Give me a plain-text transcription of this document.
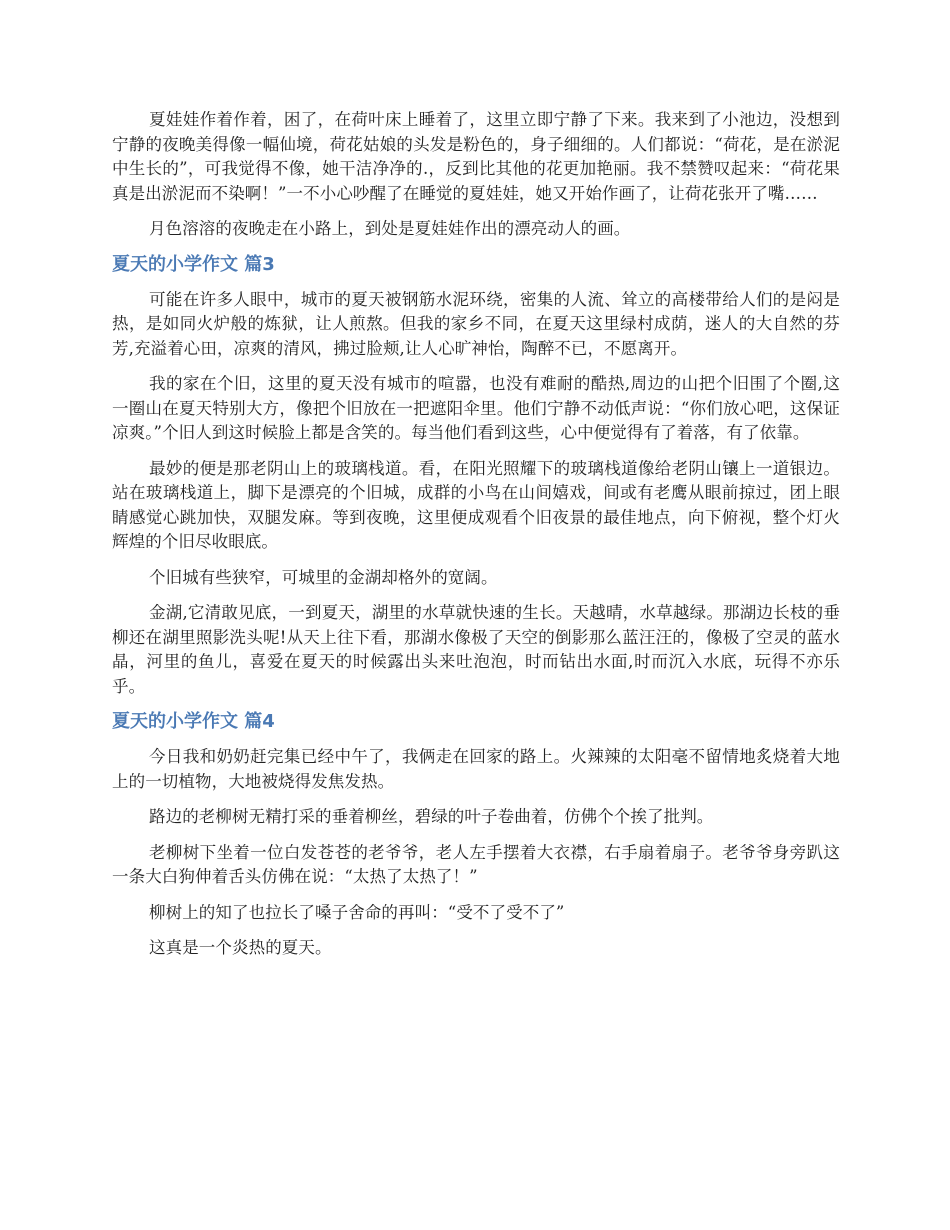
夏娃娃作着作着，困了，在荷叶床上睡着了，这里立即宁静了下来。我来到了小池边，没想到宁静的夜晚美得像一幅仙境，荷花姑娘的头发是粉色的，身子细细的。人们都说：“荷花，是在淤泥中生长的”，可我觉得不像，她干洁净净的.，反到比其他的花更加艳丽。我不禁赞叹起来：“荷花果真是出淤泥而不染啊！”一不小心吵醒了在睡觉的夏娃娃，她又开始作画了，让荷花张开了嘴……

月色溶溶的夜晚走在小路上，到处是夏娃娃作出的漂亮动人的画。

夏天的小学作文 篇3

可能在许多人眼中，城市的夏天被钢筋水泥环绕，密集的人流、耸立的高楼带给人们的是闷是热，是如同火炉般的炼狱，让人煎熬。但我的家乡不同，在夏天这里绿村成荫，迷人的大自然的芬芳,充溢着心田，凉爽的清风，拂过脸颊,让人心旷神怡，陶醉不已，不愿离开。

我的家在个旧，这里的夏天没有城市的喧嚣，也没有难耐的酷热,周边的山把个旧围了个圈,这一圈山在夏天特别大方，像把个旧放在一把遮阳伞里。他们宁静不动低声说：“你们放心吧，这保证凉爽。”个旧人到这时候脸上都是含笑的。每当他们看到这些，心中便觉得有了着落，有了依靠。

最妙的便是那老阴山上的玻璃栈道。看，在阳光照耀下的玻璃栈道像给老阴山镶上一道银边。站在玻璃栈道上，脚下是漂亮的个旧城，成群的小鸟在山间嬉戏，间或有老鹰从眼前掠过，团上眼睛感觉心跳加快，双腿发麻。等到夜晚，这里便成观看个旧夜景的最佳地点，向下俯视，整个灯火辉煌的个旧尽收眼底。

个旧城有些狭窄，可城里的金湖却格外的宽阔。

金湖,它清敢见底，一到夏天，湖里的水草就快速的生长。天越晴，水草越绿。那湖边长枝的垂柳还在湖里照影洗头呢!从天上往下看，那湖水像极了天空的倒影那么蓝汪汪的，像极了空灵的蓝水晶，河里的鱼儿，喜爱在夏天的时候露出头来吐泡泡，时而钻出水面,时而沉入水底，玩得不亦乐乎。

夏天的小学作文 篇4

今日我和奶奶赶完集已经中午了，我俩走在回家的路上。火辣辣的太阳毫不留情地炙烧着大地上的一切植物，大地被烧得发焦发热。

路边的老柳树无精打采的垂着柳丝，碧绿的叶子卷曲着，仿佛个个挨了批判。

老柳树下坐着一位白发苍苍的老爷爷，老人左手摆着大衣襟，右手扇着扇子。老爷爷身旁趴这一条大白狗伸着舌头仿佛在说：“太热了太热了！”

柳树上的知了也拉长了嗓子舍命的再叫：“受不了受不了”

这真是一个炎热的夏天。
